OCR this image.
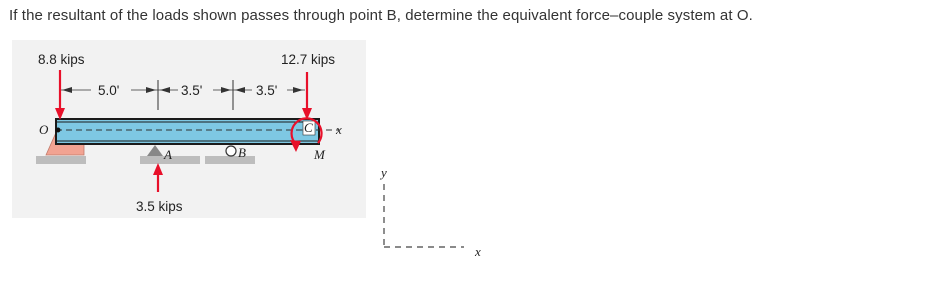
If the resultant of the loads shown passes through point B, determine the equivalent force–couple system at O.
O
5.0'	3.5'	3.5'
8.8 kips	12.7 kips
3.5 kips
A	B
C
M
x
y
x
